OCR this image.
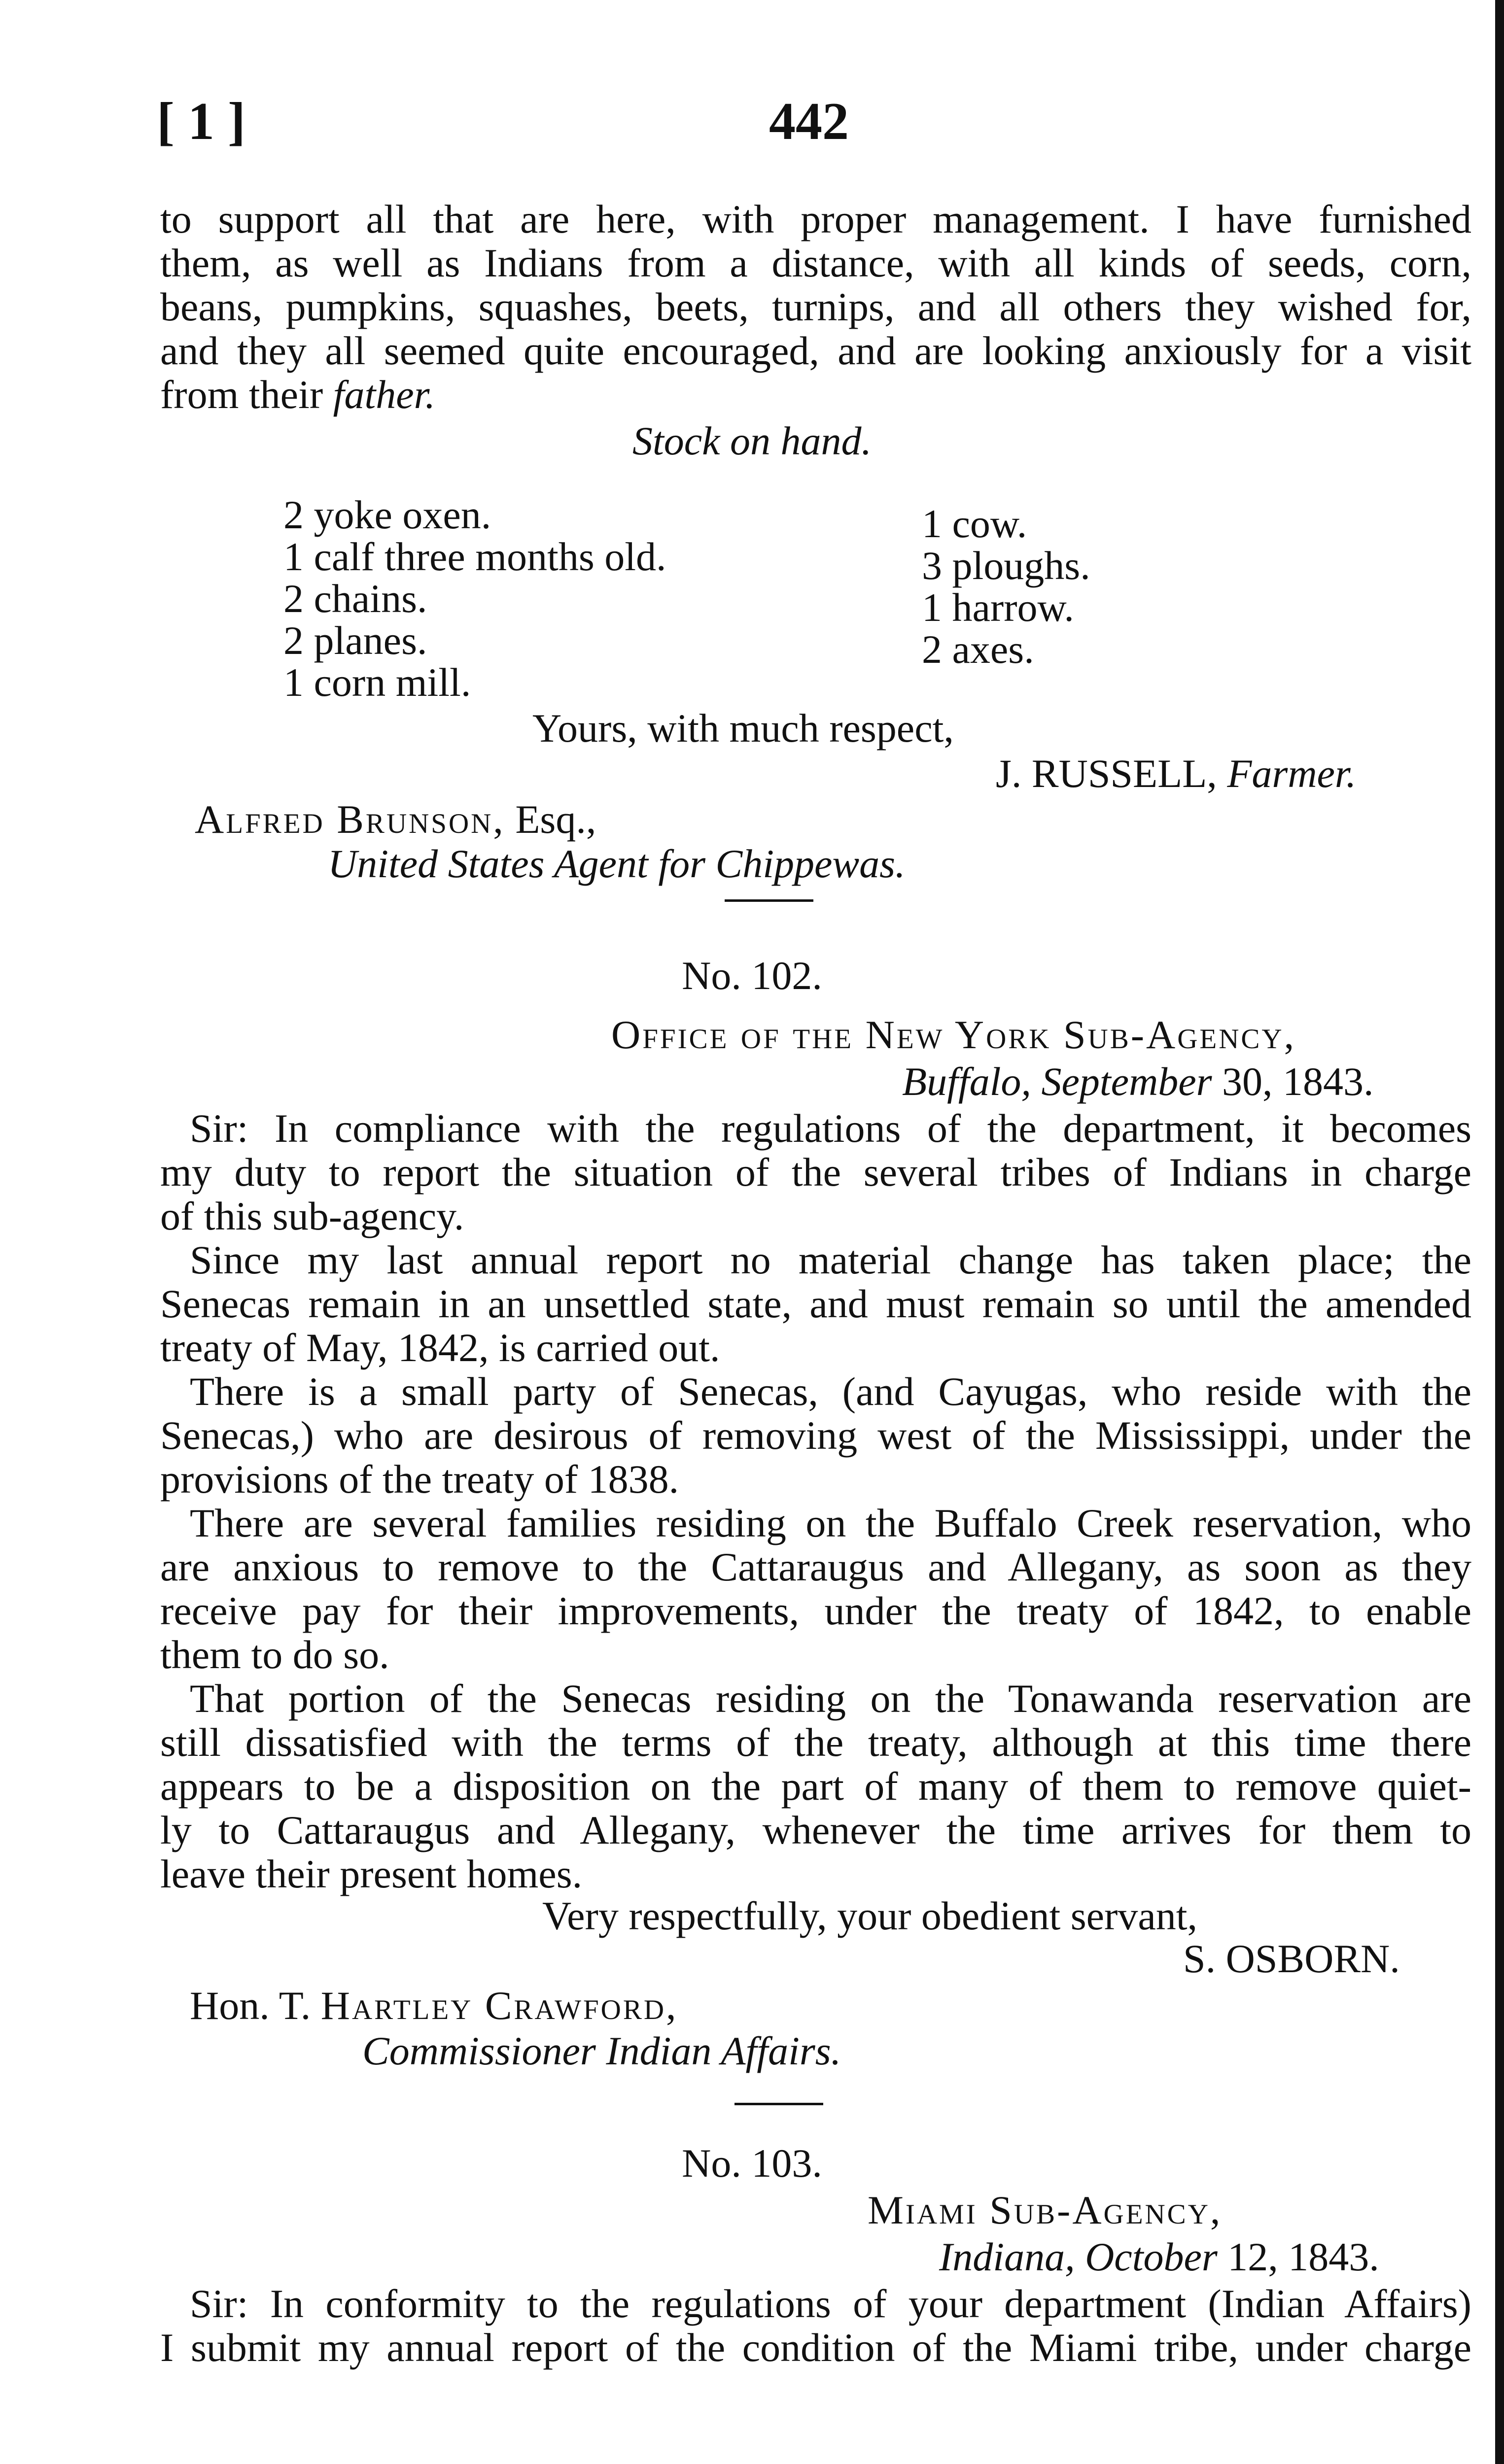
[ 1 ]	442
to support all that are here, with proper management. I have furnished
them, as well as Indians from a distance, with all kinds of seeds, corn,
beans, pumpkins, squashes, beets, turnips, and all others they wished for,
and they all seemed quite encouraged, and are looking anxiously for a visit
from their father.
Stock on hand.
2 yoke oxen.
1 calf three months old.
2 chains.
2 planes.
1 corn mill.
1 cow.
3 ploughs.
1 harrow.
2 axes.
Yours, with much respect,
J. RUSSELL, Farmer.
Alfred Brunson, Esq.,
United States Agent for Chippewas.
No. 102.
Office of the New York Sub-Agency,
Buffalo, September 30, 1843.
Sir: In compliance with the regulations of the department, it becomes
my duty to report the situation of the several tribes of Indians in charge
of this sub-agency.
Since my last annual report no material change has taken place; the
Senecas remain in an unsettled state, and must remain so until the amended
treaty of May, 1842, is carried out.
There is a small party of Senecas, (and Cayugas, who reside with the
Senecas,) who are desirous of removing west of the Mississippi, under the
provisions of the treaty of 1838.
There are several families residing on the Buffalo Creek reservation, who
are anxious to remove to the Cattaraugus and Allegany, as soon as they
receive pay for their improvements, under the treaty of 1842, to enable
them to do so.
That portion of the Senecas residing on the Tonawanda reservation are
still dissatisfied with the terms of the treaty, although at this time there
appears to be a disposition on the part of many of them to remove quiet-
ly to Cattaraugus and Allegany, whenever the time arrives for them to
leave their present homes.
Very respectfully, your obedient servant,
S. OSBORN.
Hon. T. Hartley Crawford,
Commissioner Indian Affairs.
No. 103.
Miami Sub-Agency,
Indiana, October 12, 1843.
Sir: In conformity to the regulations of your department (Indian Affairs)
I submit my annual report of the condition of the Miami tribe, under charge
